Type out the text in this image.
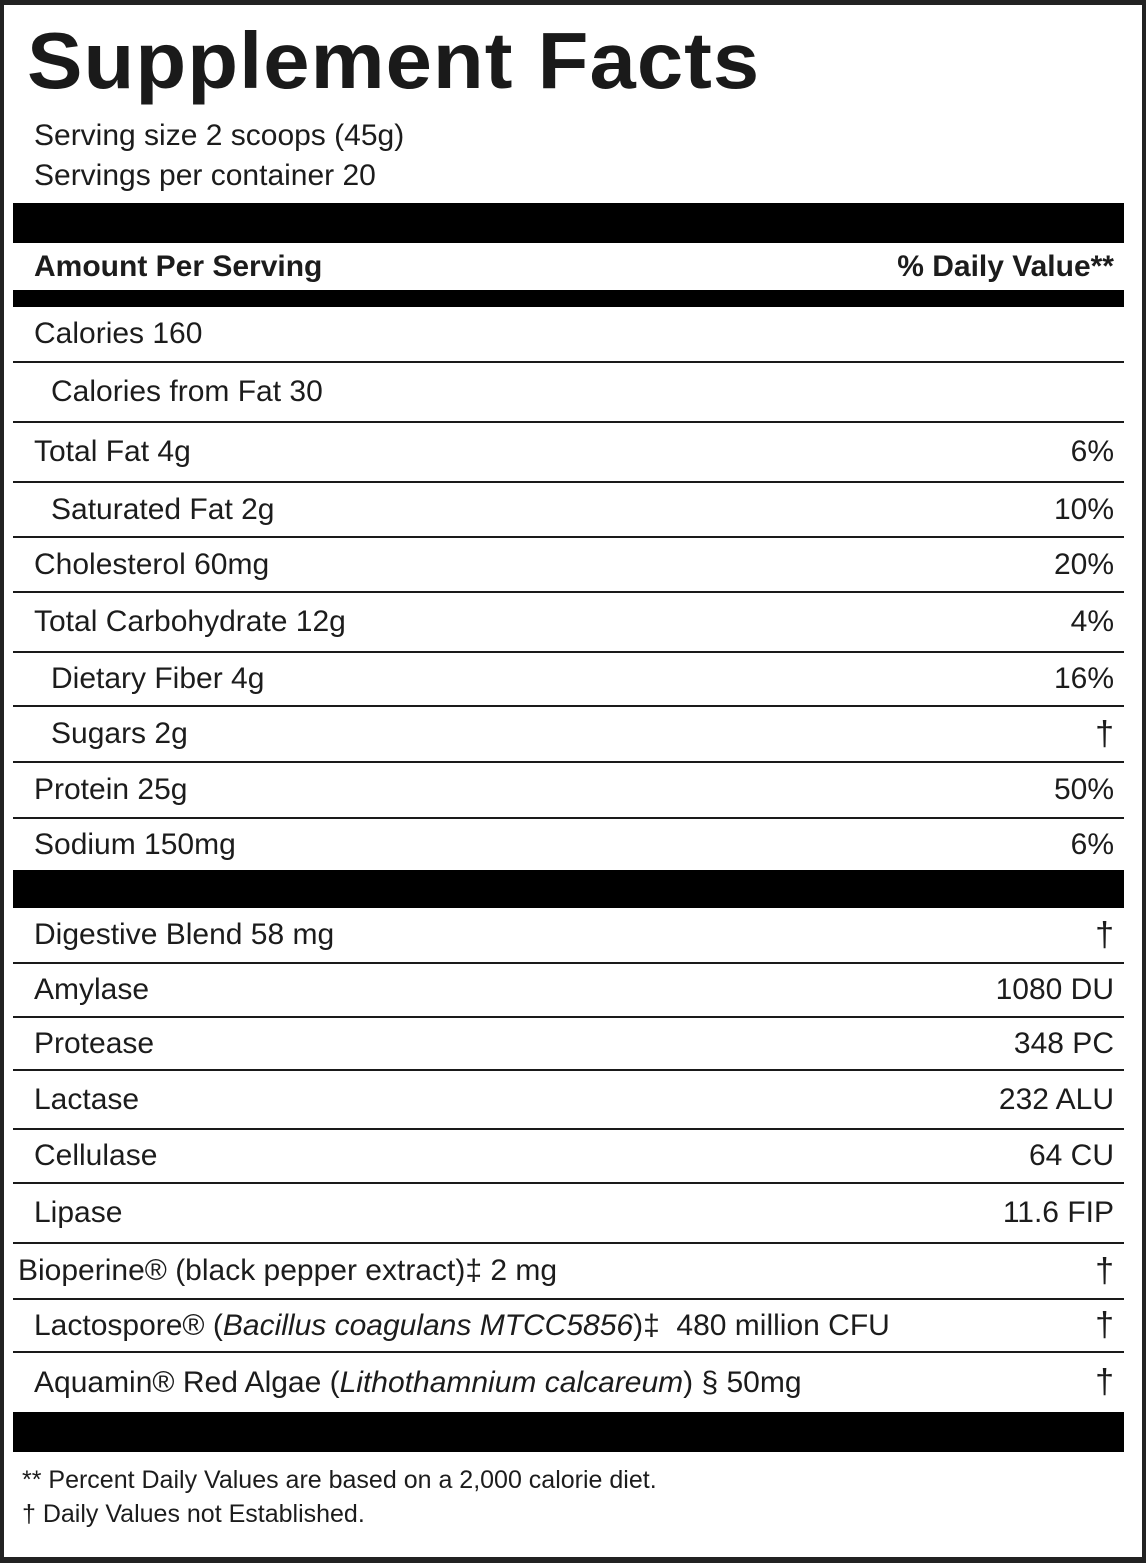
Supplement Facts
Serving size 2 scoops (45g)
Servings per container 20
Amount Per Serving	% Daily Value**
Calories 160
Calories from Fat 30
Total Fat 4g	6%
Saturated Fat 2g	10%
Cholesterol 60mg	20%
Total Carbohydrate 12g	4%
Dietary Fiber 4g	16%
Sugars 2g	†
Protein 25g	50%
Sodium 150mg	6%
Digestive Blend 58 mg	†
Amylase	1080 DU
Protease	348 PC
Lactase	232 ALU
Cellulase	64 CU
Lipase	11.6 FIP
Bioperine® (black pepper extract)‡ 2 mg	†
Lactospore® (Bacillus coagulans MTCC5856)‡  480 million CFU	†
Aquamin® Red Algae (Lithothamnium calcareum) § 50mg	†
** Percent Daily Values are based on a 2,000 calorie diet.
† Daily Values not Established.
